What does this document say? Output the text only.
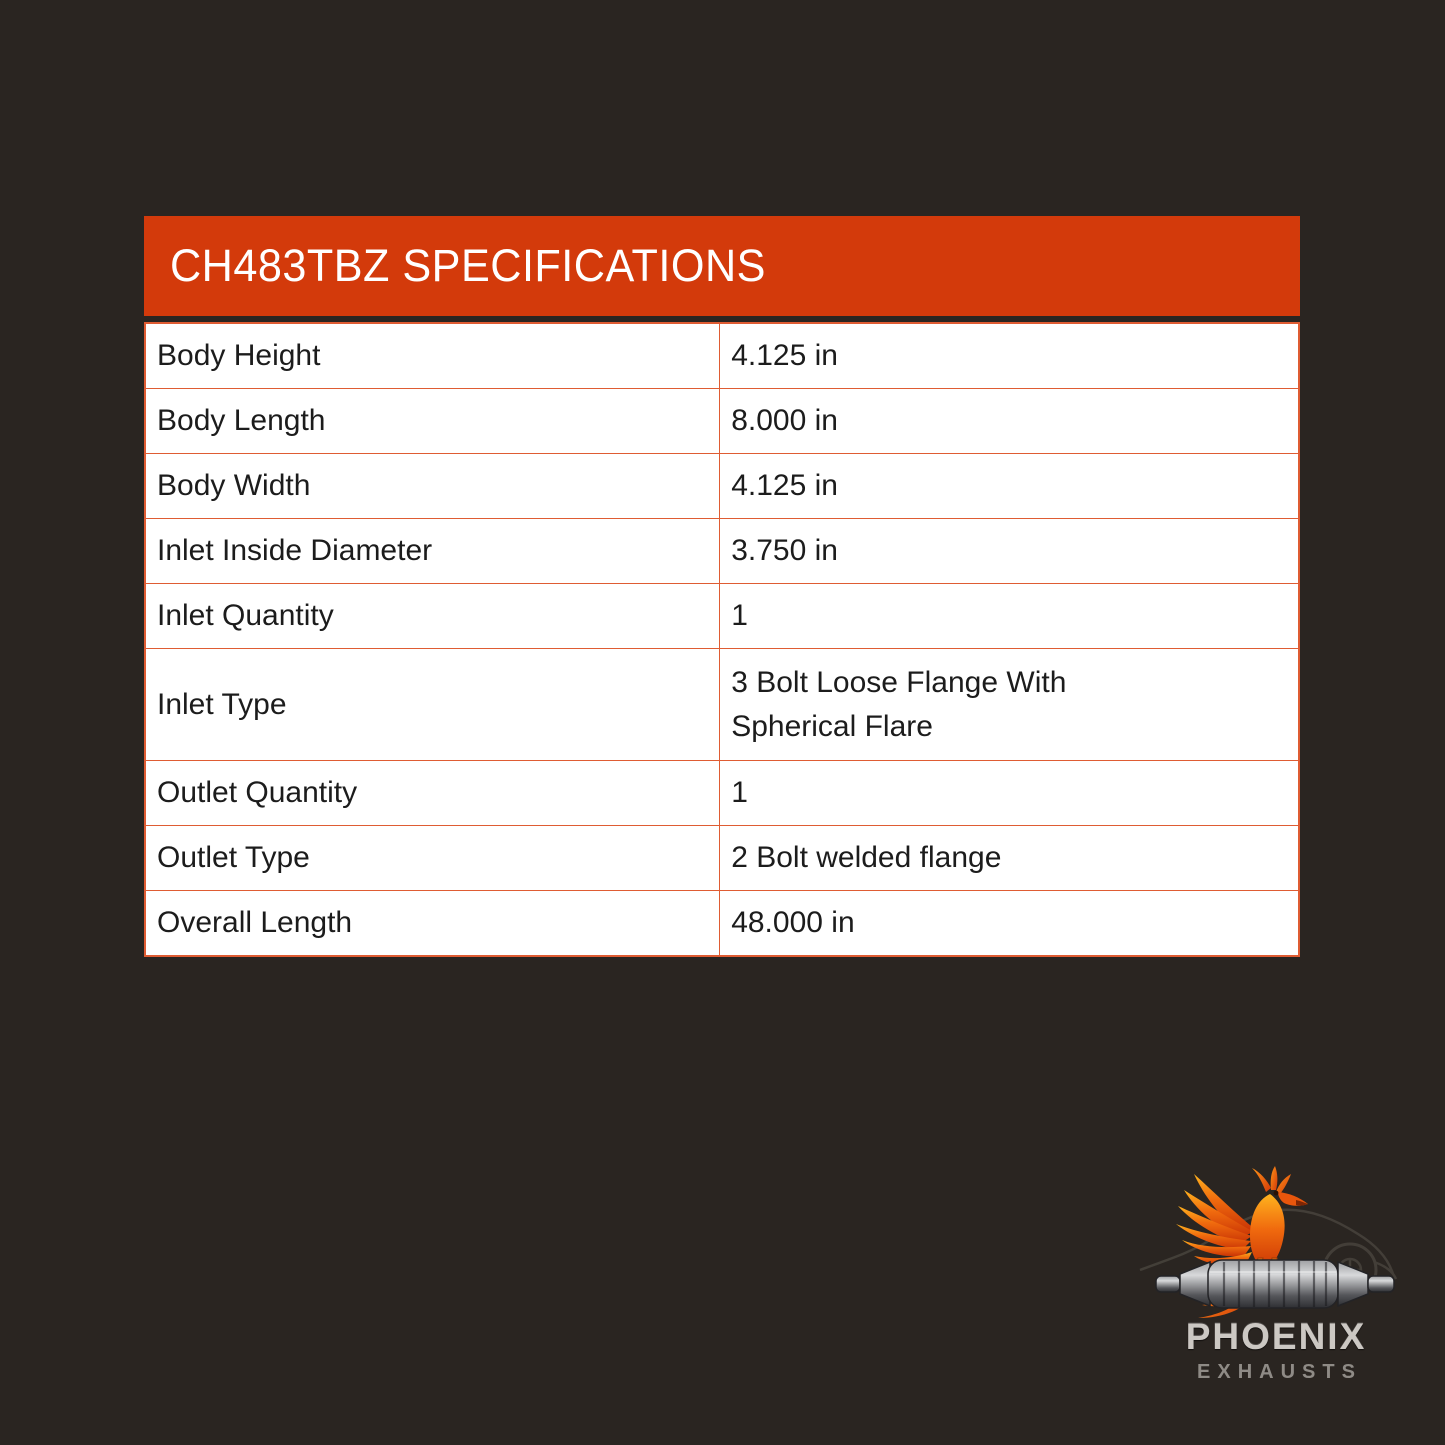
CH483TBZ SPECIFICATIONS
Body Height	4.125 in
Body Length	8.000 in
Body Width	4.125 in
Inlet Inside Diameter	3.750 in
Inlet Quantity	1
Inlet Type	3 Bolt Loose Flange With Spherical Flare
Outlet Quantity	1
Outlet Type	2 Bolt welded flange
Overall Length	48.000 in
PHOENIX
EXHAUSTS
